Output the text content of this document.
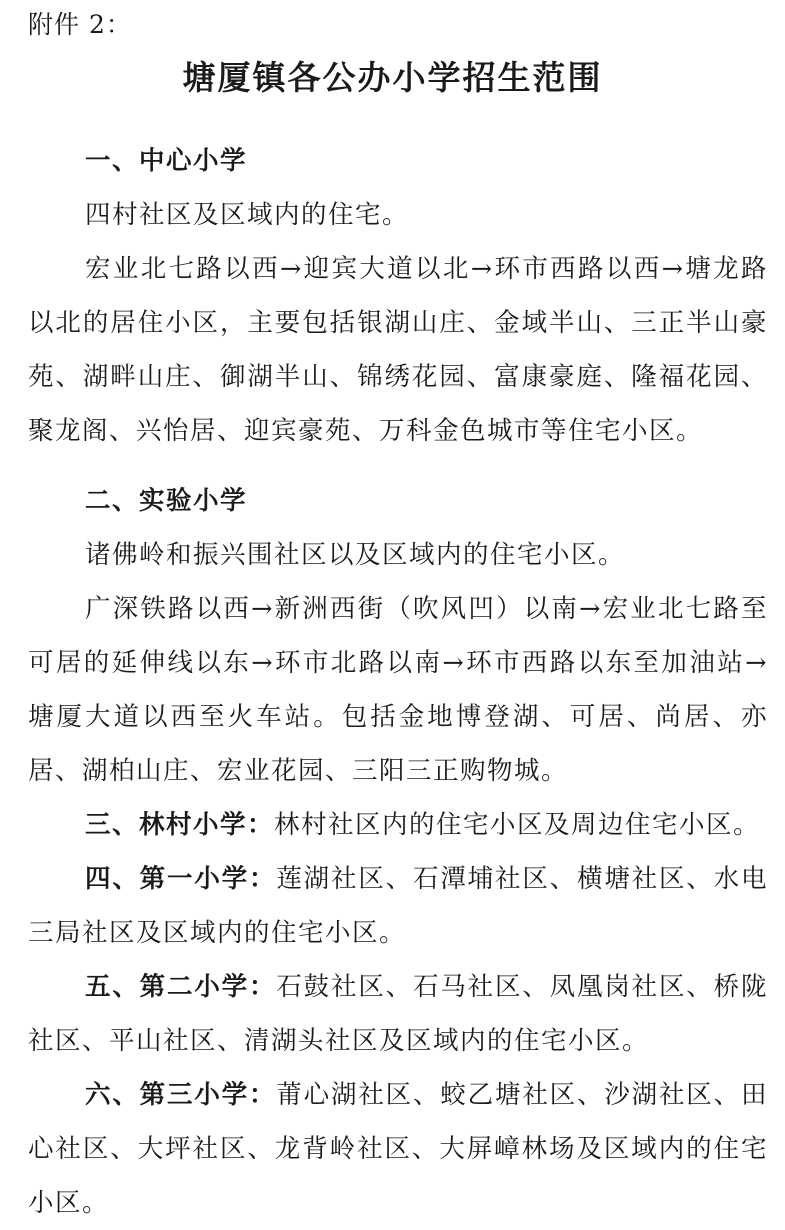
附件 2：
塘厦镇各公办小学招生范围

一、中心小学

四村社区及区域内的住宅。

宏业北七路以西→迎宾大道以北→环市西路以西→塘龙路以北的居住小区，主要包括银湖山庄、金域半山、三正半山豪苑、湖畔山庄、御湖半山、锦绣花园、富康豪庭、隆福花园、聚龙阁、兴怡居、迎宾豪苑、万科金色城市等住宅小区。

二、实验小学

诸佛岭和振兴围社区以及区域内的住宅小区。

广深铁路以西→新洲西街（吹风凹）以南→宏业北七路至可居的延伸线以东→环市北路以南→环市西路以东至加油站→塘厦大道以西至火车站。包括金地博登湖、可居、尚居、亦居、湖柏山庄、宏业花园、三阳三正购物城。

三、林村小学：林村社区内的住宅小区及周边住宅小区。

四、第一小学：莲湖社区、石潭埔社区、横塘社区、水电三局社区及区域内的住宅小区。

五、第二小学：石鼓社区、石马社区、凤凰岗社区、桥陇社区、平山社区、清湖头社区及区域内的住宅小区。

六、第三小学：莆心湖社区、蛟乙塘社区、沙湖社区、田心社区、大坪社区、龙背岭社区、大屏嶂林场及区域内的住宅小区。
